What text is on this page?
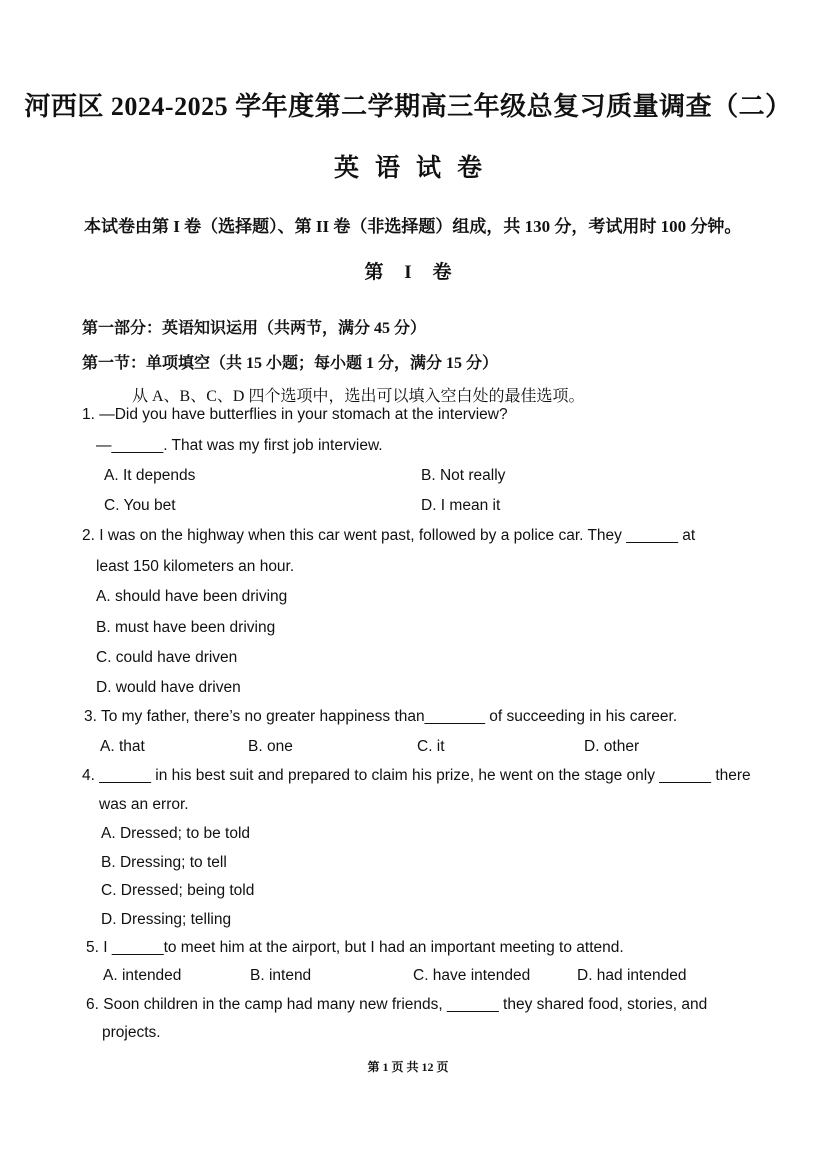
河西区 2024-2025 学年度第二学期高三年级总复习质量调查（二）
英语试卷
本试卷由第 I 卷（选择题）、第 II 卷（非选择题）组成，共 130 分，考试用时 100 分钟。
第 I 卷
第一部分：英语知识运用（共两节，满分 45 分）
第一节：单项填空（共 15 小题；每小题 1 分，满分 15 分）
从 A、B、C、D 四个选项中，选出可以填入空白处的最佳选项。
1. —Did you have butterflies in your stomach at the interview?
—______. That was my first job interview.
A. It depends	B. Not really
C. You bet	D. I mean it
2. I was on the highway when this car went past, followed by a police car. They ______ at
least 150 kilometers an hour.
A. should have been driving
B. must have been driving
C. could have driven
D. would have driven
3. To my father, there’s no greater happiness than_______ of succeeding in his career.
A. that	B. one	C. it	D. other
4. ______ in his best suit and prepared to claim his prize, he went on the stage only ______ there
was an error.
A. Dressed; to be told
B. Dressing; to tell
C. Dressed; being told
D. Dressing; telling
5. I ______to meet him at the airport, but I had an important meeting to attend.
A. intended	B. intend	C. have intended	D. had intended
6. Soon children in the camp had many new friends, ______ they shared food, stories, and
projects.
第 1 页 共 12 页
